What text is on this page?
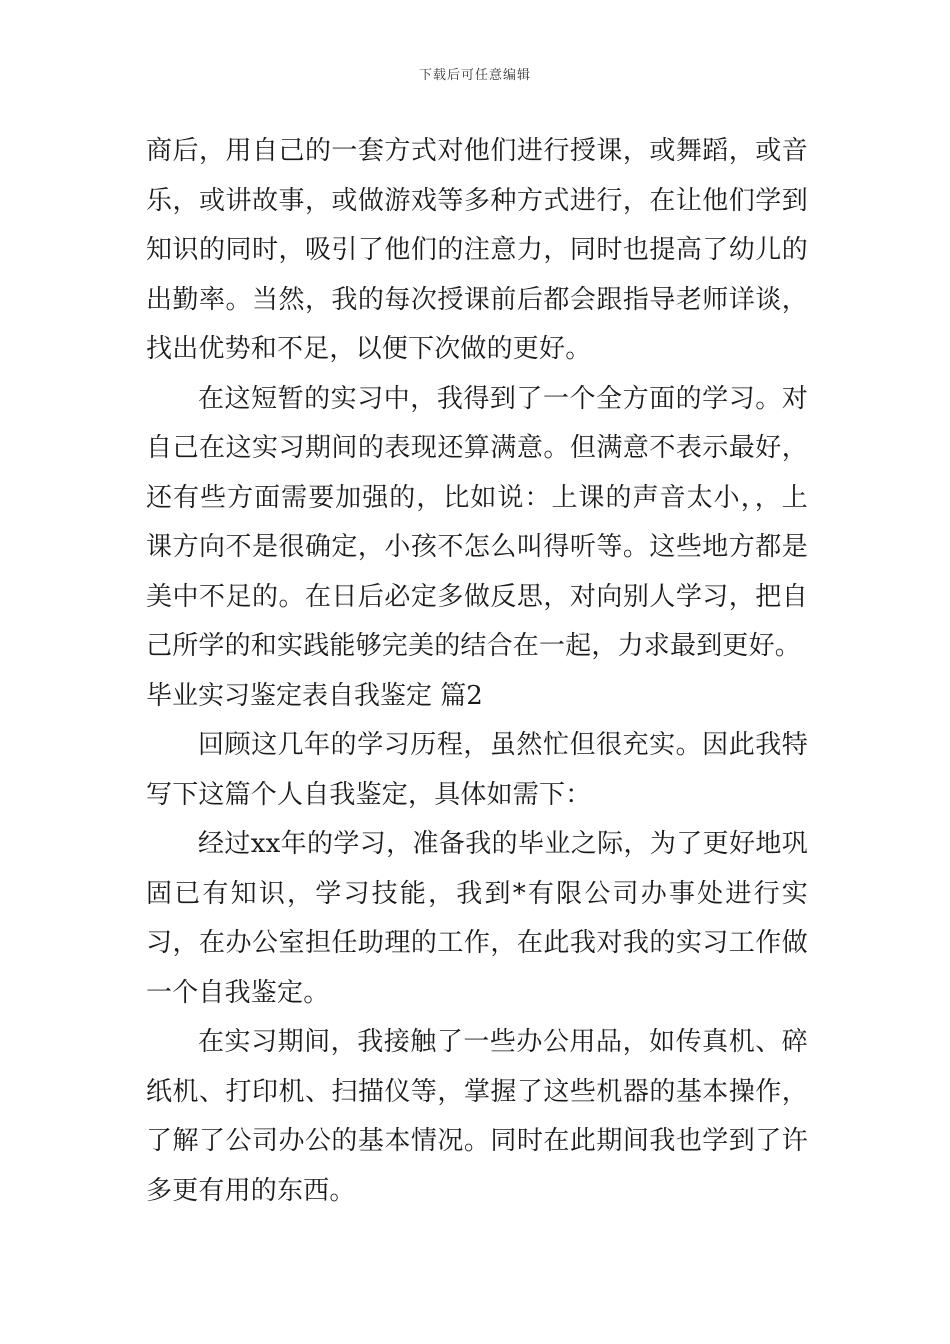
下载后可任意编辑

商后，用自己的一套方式对他们进行授课，或舞蹈，或音乐，或讲故事，或做游戏等多种方式进行，在让他们学到知识的同时，吸引了他们的注意力，同时也提高了幼儿的出勤率。当然，我的每次授课前后都会跟指导老师详谈，找出优势和不足，以便下次做的更好。

在这短暂的实习中，我得到了一个全方面的学习。对自己在这实习期间的表现还算满意。但满意不表示最好，还有些方面需要加强的，比如说：上课的声音太小，，上课方向不是很确定，小孩不怎么叫得听等。这些地方都是美中不足的。在日后必定多做反思，对向别人学习，把自己所学的和实践能够完美的结合在一起，力求最到更好。

毕业实习鉴定表自我鉴定 篇2

回顾这几年的学习历程，虽然忙但很充实。因此我特写下这篇个人自我鉴定，具体如需下：

经过xx年的学习，准备我的毕业之际，为了更好地巩固已有知识，学习技能，我到*有限公司办事处进行实习，在办公室担任助理的工作，在此我对我的实习工作做一个自我鉴定。

在实习期间，我接触了一些办公用品，如传真机、碎纸机、打印机、扫描仪等，掌握了这些机器的基本操作，了解了公司办公的基本情况。同时在此期间我也学到了许多更有用的东西。
